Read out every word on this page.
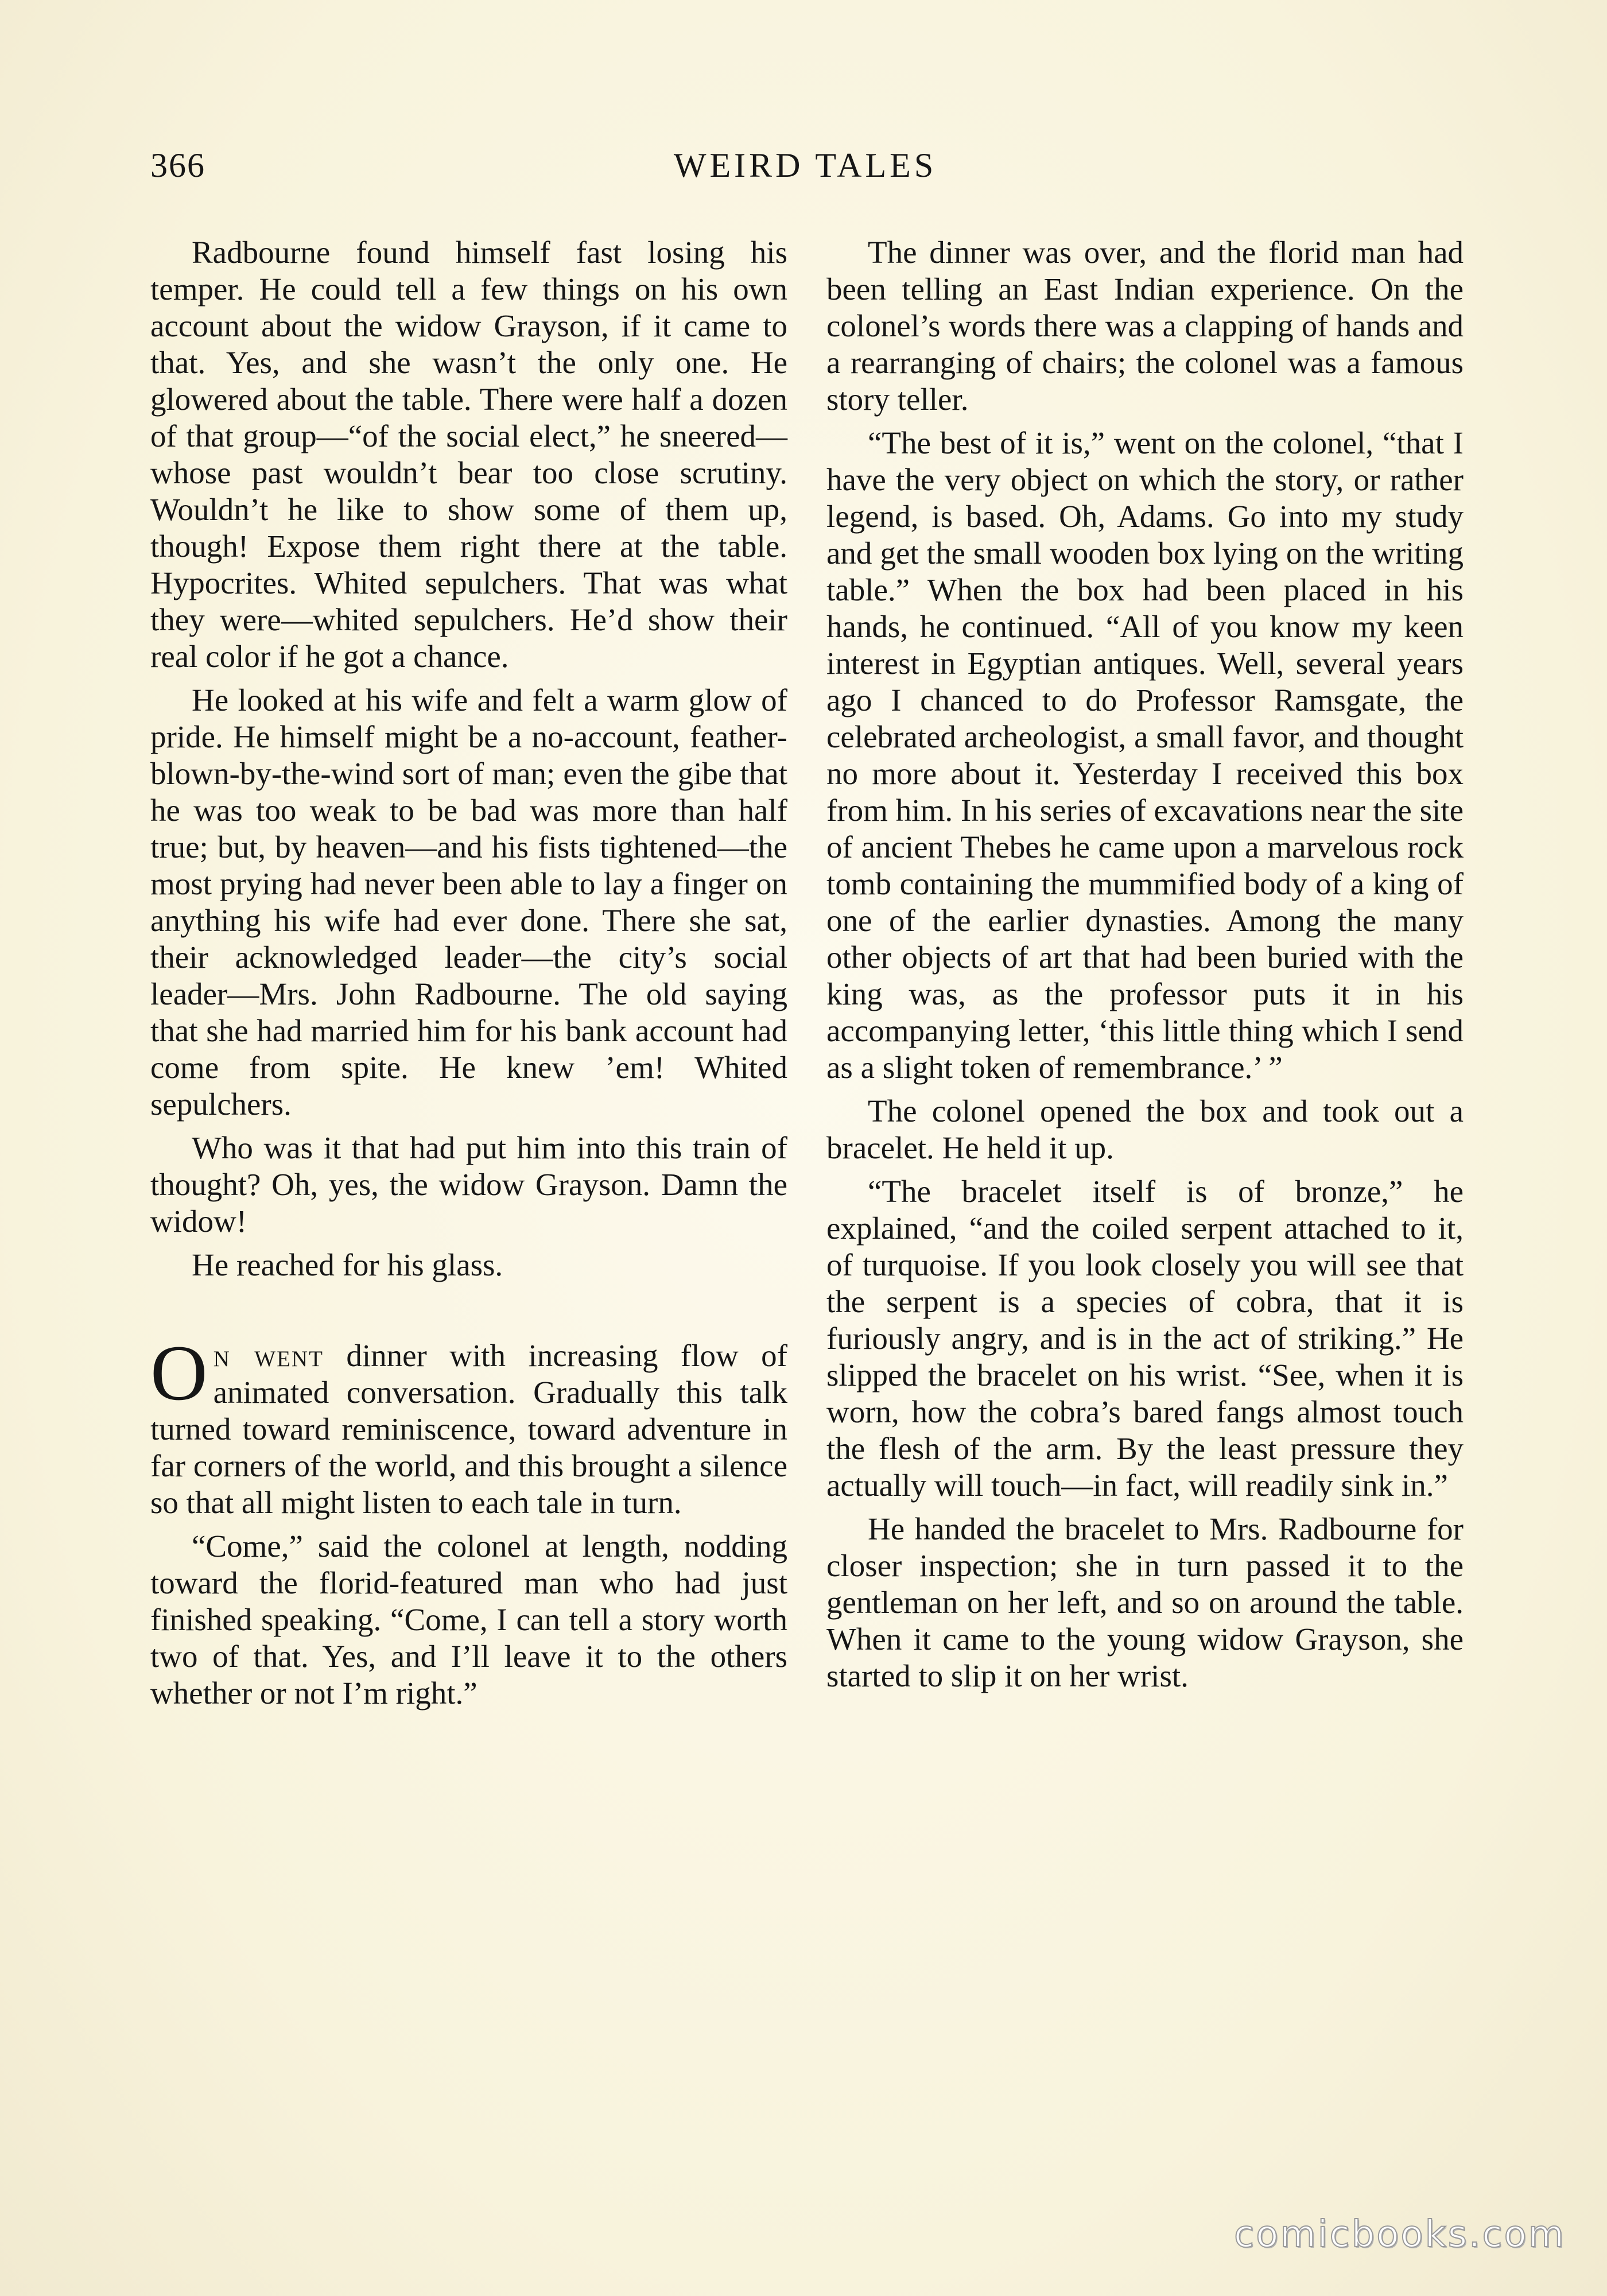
366	WEIRD TALES

Radbourne found himself fast losing his temper. He could tell a few things on his own account about the widow Grayson, if it came to that. Yes, and she wasn’t the only one. He glowered about the table. There were half a dozen of that group—“of the social elect,” he sneered—whose past wouldn’t bear too close scrutiny. Wouldn’t he like to show some of them up, though! Expose them right there at the table. Hypocrites. Whited sepulchers. That was what they were—whited sepulchers. He’d show their real color if he got a chance.

He looked at his wife and felt a warm glow of pride. He himself might be a no-account, feather-blown-by-the-wind sort of man; even the gibe that he was too weak to be bad was more than half true; but, by heaven—and his fists tightened—the most prying had never been able to lay a finger on anything his wife had ever done. There she sat, their acknowledged leader—the city’s social leader—Mrs. John Radbourne. The old saying that she had married him for his bank account had come from spite. He knew ’em! Whited sepulchers.

Who was it that had put him into this train of thought? Oh, yes, the widow Grayson. Damn the widow!

He reached for his glass.

On went dinner with increasing flow of animated conversation. Gradually this talk turned toward reminiscence, toward adventure in far corners of the world, and this brought a silence so that all might listen to each tale in turn.

“Come,” said the colonel at length, nodding toward the florid-featured man who had just finished speaking. “Come, I can tell a story worth two of that. Yes, and I’ll leave it to the others whether or not I’m right.”

The dinner was over, and the florid man had been telling an East Indian experience. On the colonel’s words there was a clapping of hands and a rearranging of chairs; the colonel was a famous story teller.

“The best of it is,” went on the colonel, “that I have the very object on which the story, or rather legend, is based. Oh, Adams. Go into my study and get the small wooden box lying on the writing table.” When the box had been placed in his hands, he continued. “All of you know my keen interest in Egyptian antiques. Well, several years ago I chanced to do Professor Ramsgate, the celebrated archeologist, a small favor, and thought no more about it. Yesterday I received this box from him. In his series of excavations near the site of ancient Thebes he came upon a marvelous rock tomb containing the mummified body of a king of one of the earlier dynasties. Among the many other objects of art that had been buried with the king was, as the professor puts it in his accompanying letter, ‘this little thing which I send as a slight token of remembrance.’ ”

The colonel opened the box and took out a bracelet. He held it up.

“The bracelet itself is of bronze,” he explained, “and the coiled serpent attached to it, of turquoise. If you look closely you will see that the serpent is a species of cobra, that it is furiously angry, and is in the act of striking.” He slipped the bracelet on his wrist. “See, when it is worn, how the cobra’s bared fangs almost touch the flesh of the arm. By the least pressure they actually will touch—in fact, will readily sink in.”

He handed the bracelet to Mrs. Radbourne for closer inspection; she in turn passed it to the gentleman on her left, and so on around the table. When it came to the young widow Grayson, she started to slip it on her wrist.

comicbooks.com
